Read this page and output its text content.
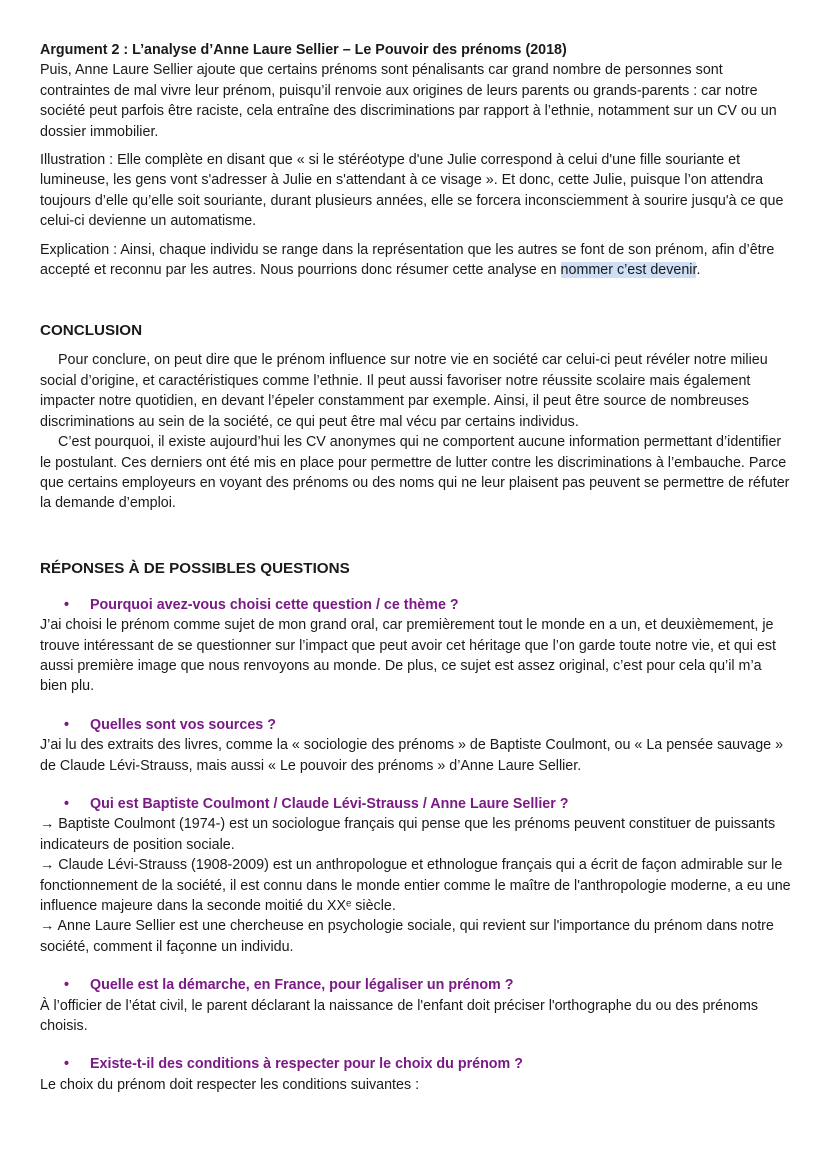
Argument 2 : L’analyse d’Anne Laure Sellier – Le Pouvoir des prénoms (2018)

Puis, Anne Laure Sellier ajoute que certains prénoms sont pénalisants car grand nombre de personnes sont contraintes de mal vivre leur prénom, puisqu’il renvoie aux origines de leurs parents ou grands-parents : car notre société peut parfois être raciste, cela entraîne des discriminations par rapport à l’ethnie, notamment sur un CV ou un dossier immobilier.

Illustration : Elle complète en disant que « si le stéréotype d'une Julie correspond à celui d'une fille souriante et lumineuse, les gens vont s'adresser à Julie en s'attendant à ce visage ». Et donc, cette Julie, puisque l’on attendra toujours d’elle qu’elle soit souriante, durant plusieurs années, elle se forcera inconsciemment à sourire jusqu'à ce que celui-ci devienne un automatisme.

Explication : Ainsi, chaque individu se range dans la représentation que les autres se font de son prénom, afin d’être accepté et reconnu par les autres. Nous pourrions donc résumer cette analyse en nommer c’est devenir.

CONCLUSION

Pour conclure, on peut dire que le prénom influence sur notre vie en société car celui-ci peut révéler notre milieu social d’origine, et caractéristiques comme l’ethnie. Il peut aussi favoriser notre réussite scolaire mais également impacter notre quotidien, en devant l’épeler constamment par exemple. Ainsi, il peut être source de nombreuses discriminations au sein de la société, ce qui peut être mal vécu par certains individus.

C’est pourquoi, il existe aujourd’hui les CV anonymes qui ne comportent aucune information permettant d’identifier le postulant. Ces derniers ont été mis en place pour permettre de lutter contre les discriminations à l’embauche. Parce que certains employeurs en voyant des prénoms ou des noms qui ne leur plaisent pas peuvent se permettre de réfuter la demande d’emploi.

RÉPONSES À DE POSSIBLES QUESTIONS
•	Pourquoi avez-vous choisi cette question / ce thème ?

J’ai choisi le prénom comme sujet de mon grand oral, car premièrement tout le monde en a un, et deuxièmement, je trouve intéressant de se questionner sur l’impact que peut avoir cet héritage que l’on garde toute notre vie, et qui est aussi première image que nous renvoyons au monde. De plus, ce sujet est assez original, c’est pour cela qu’il m’a bien plu.

•	Quelles sont vos sources ?

J’ai lu des extraits des livres, comme la « sociologie des prénoms » de Baptiste Coulmont, ou « La pensée sauvage » de Claude Lévi-Strauss, mais aussi « Le pouvoir des prénoms » d’Anne Laure Sellier.

•	Qui est Baptiste Coulmont / Claude Lévi-Strauss / Anne Laure Sellier ?

→ Baptiste Coulmont (1974-) est un sociologue français qui pense que les prénoms peuvent constituer de puissants indicateurs de position sociale.

→ Claude Lévi-Strauss (1908-2009) est un anthropologue et ethnologue français qui a écrit de façon admirable sur le fonctionnement de la société, il est connu dans le monde entier comme le maître de l'anthropologie moderne, a eu une influence majeure dans la seconde moitié du XXᵉ siècle.

→ Anne Laure Sellier est une chercheuse en psychologie sociale, qui revient sur l'importance du prénom dans notre société, comment il façonne un individu.

•	Quelle est la démarche, en France, pour légaliser un prénom ?

À l’officier de l’état civil, le parent déclarant la naissance de l'enfant doit préciser l'orthographe du ou des prénoms choisis.

•	Existe-t-il des conditions à respecter pour le choix du prénom ?

Le choix du prénom doit respecter les conditions suivantes :
